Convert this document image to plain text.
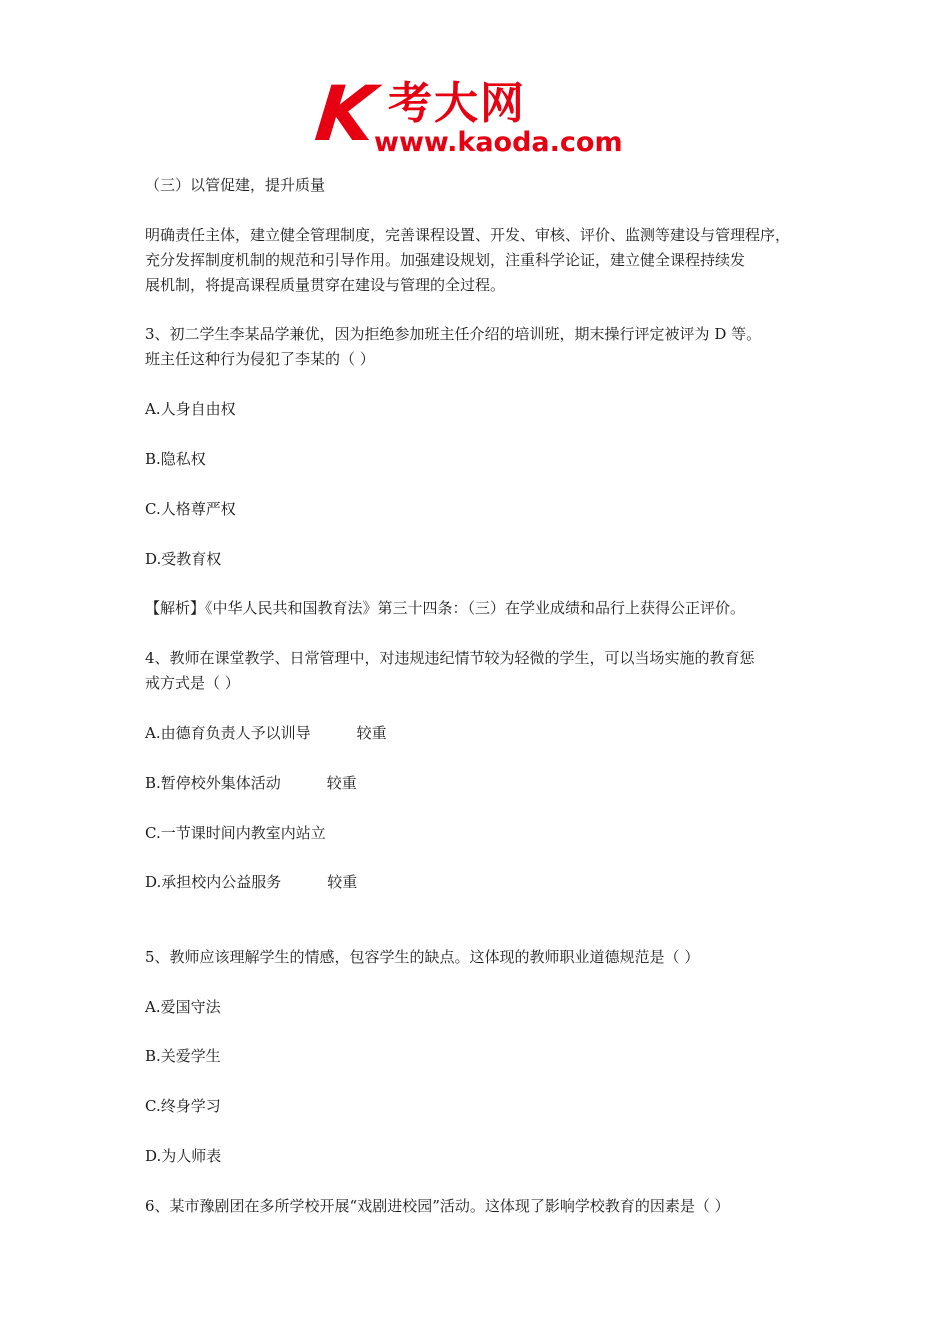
K 考大网
www.kaoda.com
（三）以管促建，提升质量
明确责任主体，建立健全管理制度，完善课程设置、开发、审核、评价、监测等建设与管理程序，
充分发挥制度机制的规范和引导作用。加强建设规划，注重科学论证，建立健全课程持续发
展机制，将提高课程质量贯穿在建设与管理的全过程。
3、初二学生李某品学兼优，因为拒绝参加班主任介绍的培训班，期末操行评定被评为 D 等。
班主任这种行为侵犯了李某的（ ）
A.人身自由权
B.隐私权
C.人格尊严权
D.受教育权
【解析】《中华人民共和国教育法》第三十四条：（三）在学业成绩和品行上获得公正评价。
4、教师在课堂教学、日常管理中，对违规违纪情节较为轻微的学生，可以当场实施的教育惩
戒方式是（ ）
A.由德育负责人予以训导	较重
B.暂停校外集体活动	较重
C.一节课时间内教室内站立
D.承担校内公益服务	较重
5、教师应该理解学生的情感，包容学生的缺点。这体现的教师职业道德规范是（ ）
A.爱国守法
B.关爱学生
C.终身学习
D.为人师表
6、某市豫剧团在多所学校开展“戏剧进校园”活动。这体现了影响学校教育的因素是（ ）
